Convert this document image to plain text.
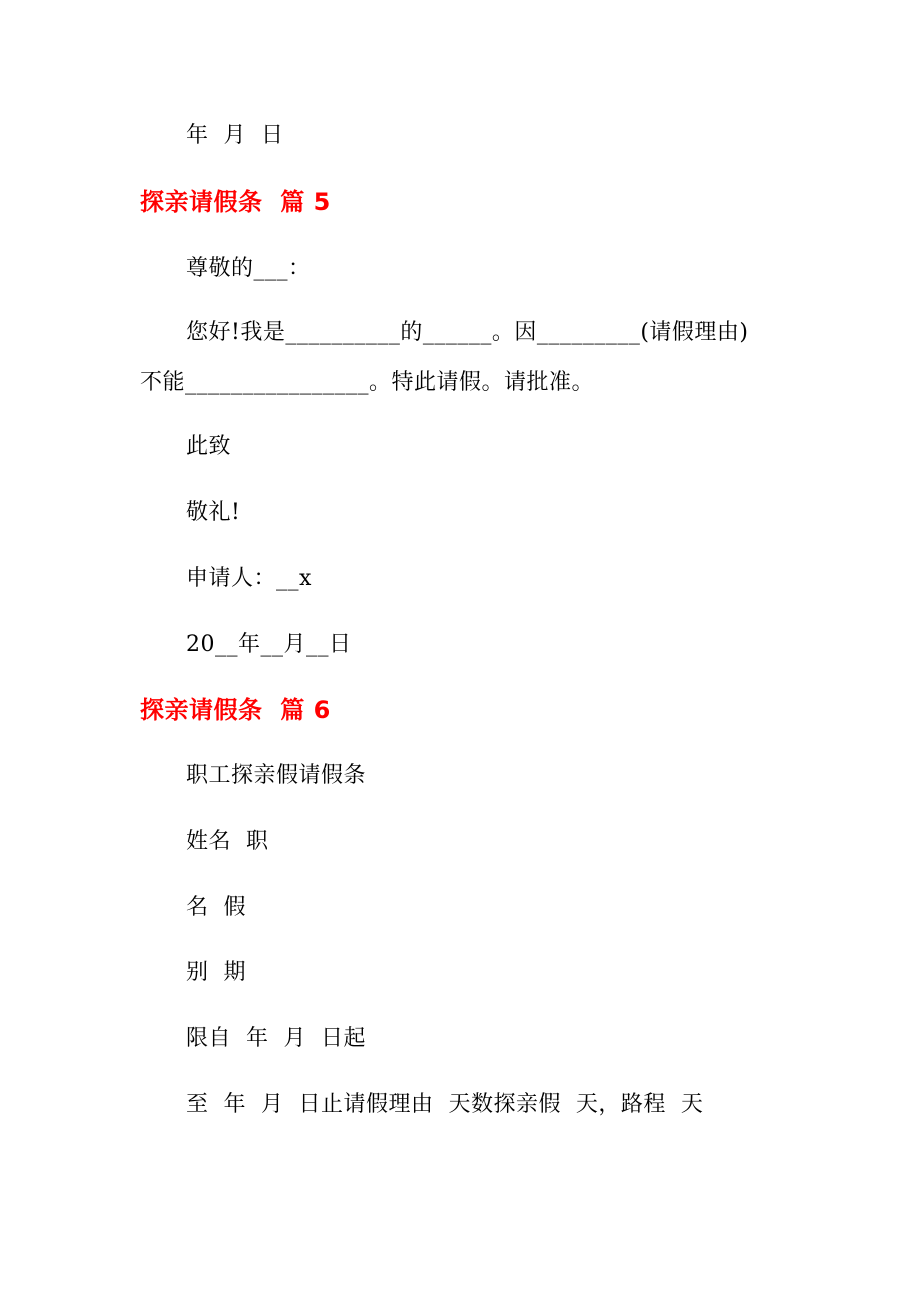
年  月  日
探亲请假条  篇 5
尊敬的___：
您好!我是__________的______。因_________(请假理由)
不能________________。特此请假。请批准。
此致
敬礼!
申请人：__x
20__年__月__日
探亲请假条  篇 6
职工探亲假请假条
姓名  职
名  假
别  期
限自  年  月  日起
至  年  月  日止请假理由  天数探亲假  天，路程  天
